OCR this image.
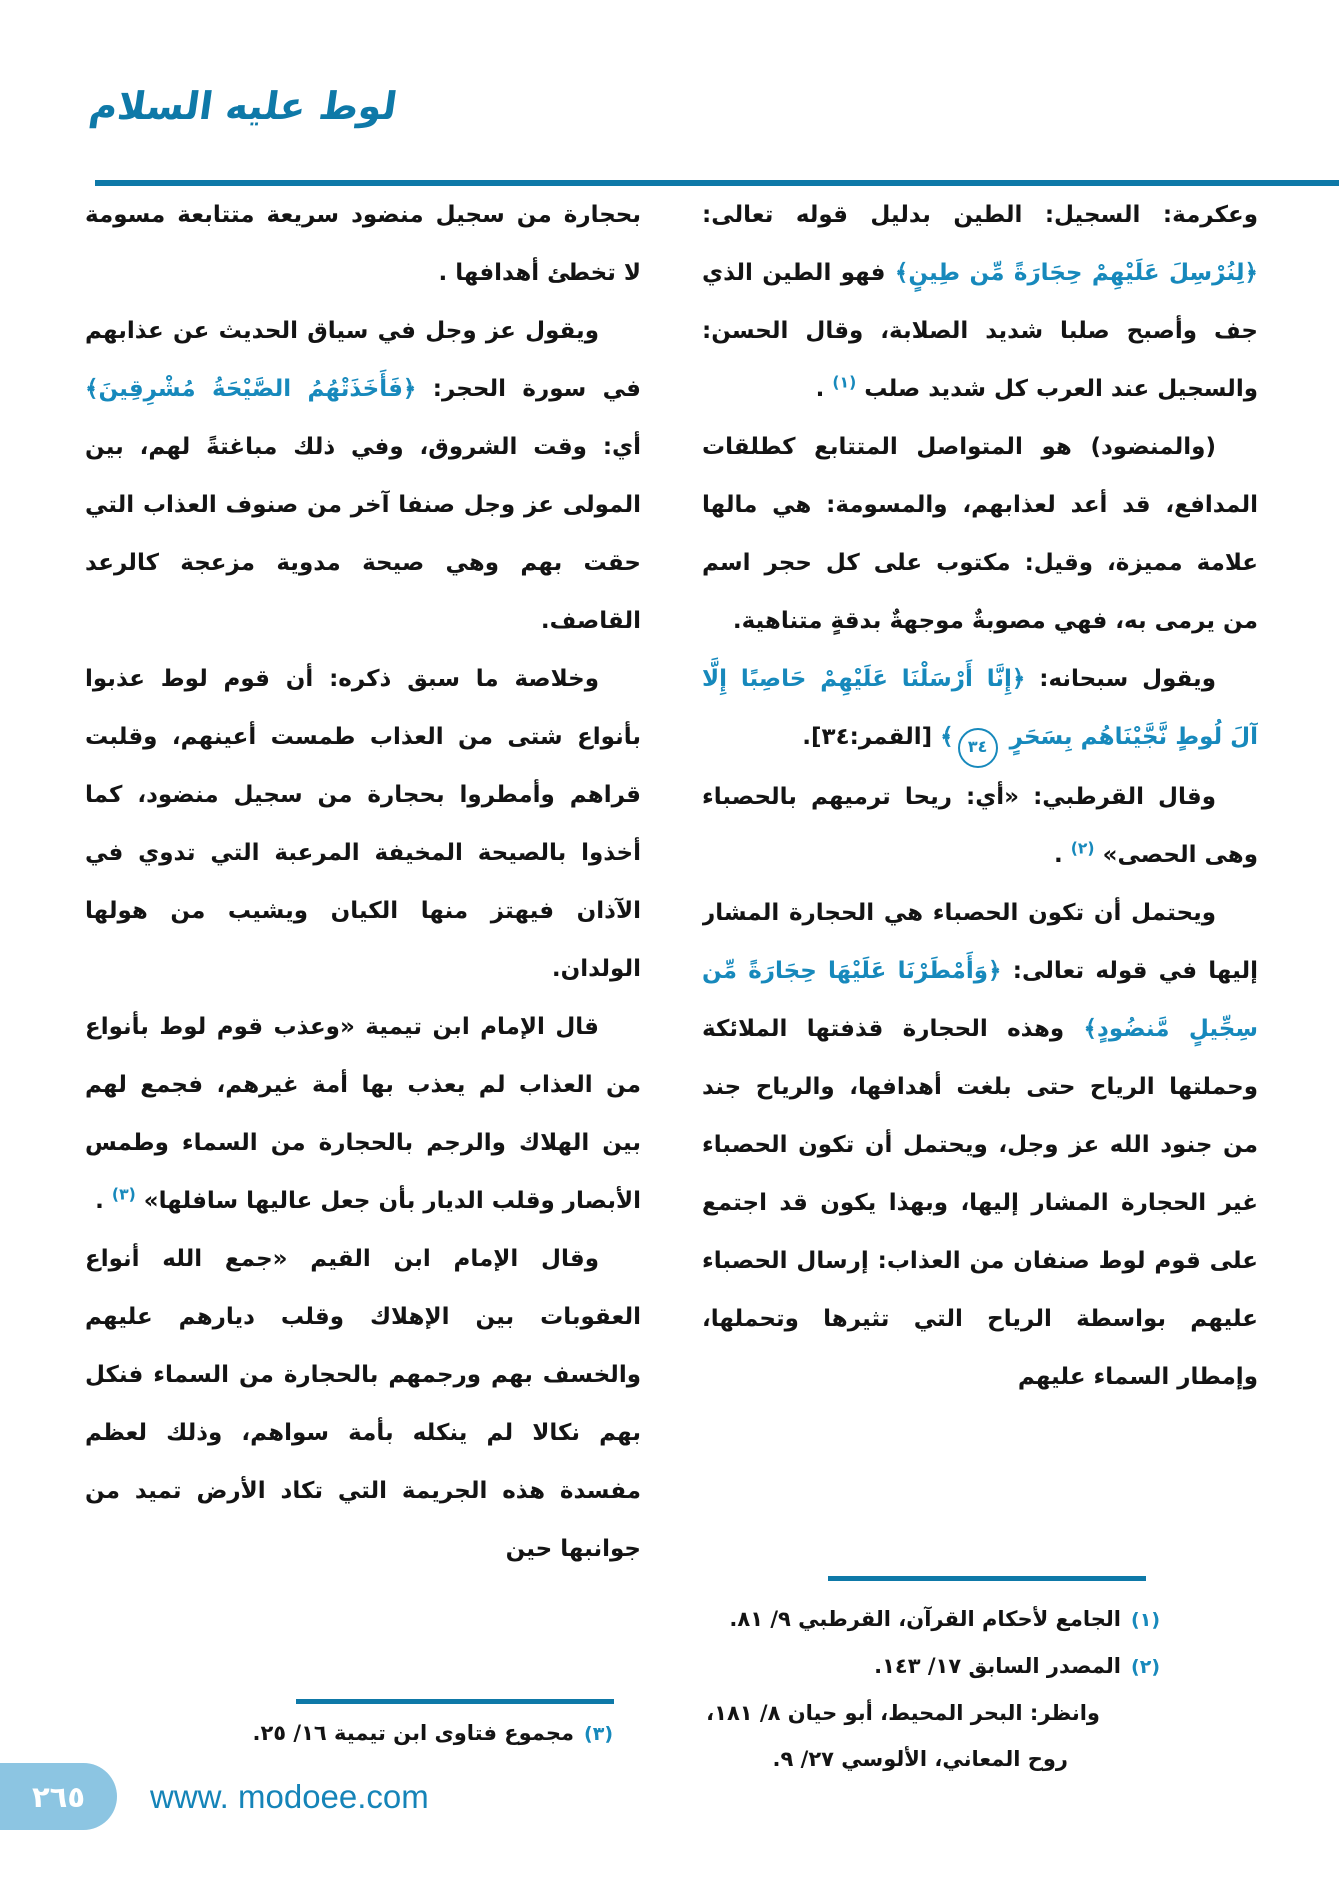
لوط عليه السلام

وعكرمة: السجيل: الطين بدليل قوله تعالى: ﴿لِنُرْسِلَ عَلَيْهِمْ حِجَارَةً مِّن طِينٍ﴾ فهو الطين الذي جف وأصبح صلبا شديد الصلابة، وقال الحسن: والسجيل عند العرب كل شديد صلب $^{(١)}$ .

(والمنضود) هو المتواصل المتتابع كطلقات المدافع، قد أعد لعذابهم، والمسومة: هي مالها علامة مميزة، وقيل: مكتوب على كل حجر اسم من يرمى به، فهي مصوبةٌ موجهةٌ بدقةٍ متناهية.

ويقول سبحانه: ﴿إِنَّا أَرْسَلْنَا عَلَيْهِمْ حَاصِبًا إِلَّا آلَ لُوطٍ نَّجَّيْنَاهُم بِسَحَرٍ ٣٤﴾ [القمر:٣٤].

وقال القرطبي: «أي: ريحا ترميهم بالحصباء وهى الحصى» $^{(٢)}$ .

ويحتمل أن تكون الحصباء هي الحجارة المشار إليها في قوله تعالى: ﴿وَأَمْطَرْنَا عَلَيْهَا حِجَارَةً مِّن سِجِّيلٍ مَّنضُودٍ﴾ وهذه الحجارة قذفتها الملائكة وحملتها الرياح حتى بلغت أهدافها، والرياح جند من جنود الله عز وجل، ويحتمل أن تكون الحصباء غير الحجارة المشار إليها، وبهذا يكون قد اجتمع على قوم لوط صنفان من العذاب: إرسال الحصباء عليهم بواسطة الرياح التي تثيرها وتحملها، وإمطار السماء عليهم

بحجارة من سجيل منضود سريعة متتابعة مسومة لا تخطئ أهدافها .

ويقول عز وجل في سياق الحديث عن عذابهم في سورة الحجر: ﴿فَأَخَذَتْهُمُ الصَّيْحَةُ مُشْرِقِينَ﴾ أي: وقت الشروق، وفي ذلك مباغتةً لهم، بين المولى عز وجل صنفا آخر من صنوف العذاب التي حقت بهم وهي صيحة مدوية مزعجة كالرعد القاصف.

وخلاصة ما سبق ذكره: أن قوم لوط عذبوا بأنواع شتى من العذاب طمست أعينهم، وقلبت قراهم وأمطروا بحجارة من سجيل منضود، كما أخذوا بالصيحة المخيفة المرعبة التي تدوي في الآذان فيهتز منها الكيان ويشيب من هولها الولدان.

قال الإمام ابن تيمية «وعذب قوم لوط بأنواع من العذاب لم يعذب بها أمة غيرهم، فجمع لهم بين الهلاك والرجم بالحجارة من السماء وطمس الأبصار وقلب الديار بأن جعل عاليها سافلها» $^{(٣)}$ .

وقال الإمام ابن القيم «جمع الله أنواع العقوبات بين الإهلاك وقلب ديارهم عليهم والخسف بهم ورجمهم بالحجارة من السماء فنكل بهم نكالا لم ينكله بأمة سواهم، وذلك لعظم مفسدة هذه الجريمة التي تكاد الأرض تميد من جوانبها حين

(١)
الجامع لأحكام القرآن، القرطبي ٩/ ٨١.
(٢)
المصدر السابق ١٧/ ١٤٣.
وانظر: البحر المحيط، أبو حيان ٨/ ١٨١،
روح المعاني، الألوسي ٢٧/ ٩.
(٣)
مجموع فتاوى ابن تيمية ١٦/ ٢٥.
٢٦٥ www. modoee.com
